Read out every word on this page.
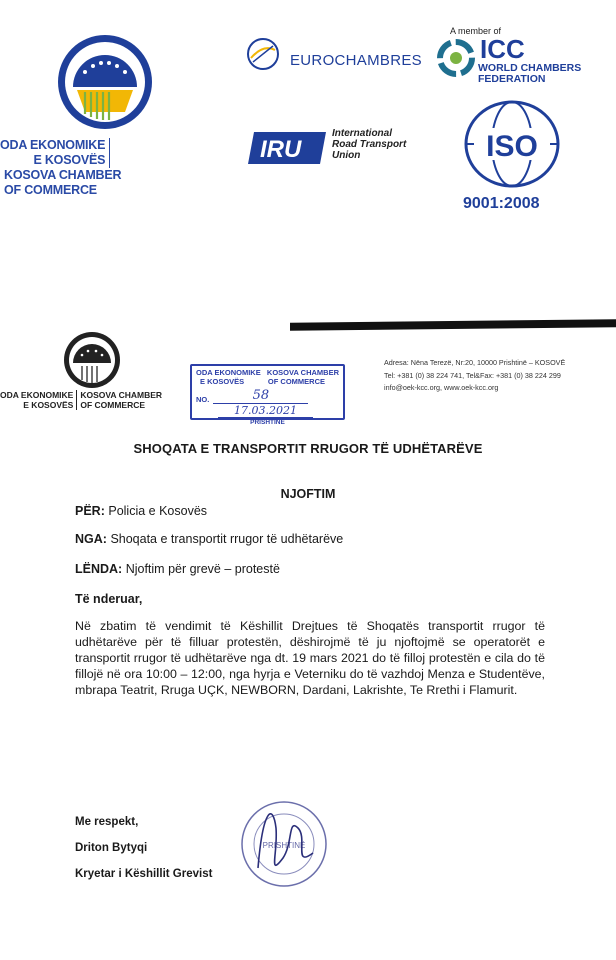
ODA EKONOMIKE
E KOSOVËSKOSOVA CHAMBER
OF COMMERCE
EUROCHAMBRES
A member of
ICC
WORLD CHAMBERS
FEDERATION
IRU
International
Road Transport
Union	ISO
9001:2008
ODA EKONOMIKE
E KOSOVËSKOSOVA CHAMBER
OF COMMERCE
ODA EKONOMIKE KOSOVA CHAMBER
E KOSOVËS	OF COMMERCE
NO.	58
17.03.2021
PRISHTINË
Adresa: Nëna Terezë, Nr:20, 10000 Prishtinë – KOSOVË
Tel: +381 (0) 38 224 741, Tel&Fax: +381 (0) 38 224 299
info@oek-kcc.org, www.oek-kcc.org
SHOQATA E TRANSPORTIT RRUGOR TË UDHËTARËVE
NJOFTIM
PËR: Policia e Kosovës
NGA: Shoqata e transportit rrugor të udhëtarëve
LËNDA: Njoftim për grevë – protestë
Të nderuar,
Në zbatim të vendimit të Këshillit Drejtues të Shoqatës transportit rrugor të udhëtarëve për të filluar protestën, dëshirojmë të ju njoftojmë se operatorët e transportit rrugor të udhëtarëve nga dt. 19 mars 2021 do të filloj protestën e cila do të fillojë në ora 10:00 – 12:00, nga hyrja e Veterniku do të vazhdoj Menza e Studentëve, mbrapa Teatrit, Rruga UÇK, NEWBORN, Dardani, Lakrishte, Te Rrethi i Flamurit.
Me respekt,
Driton Bytyqi
Kryetar i Këshillit Grevist
PRISHTINË
